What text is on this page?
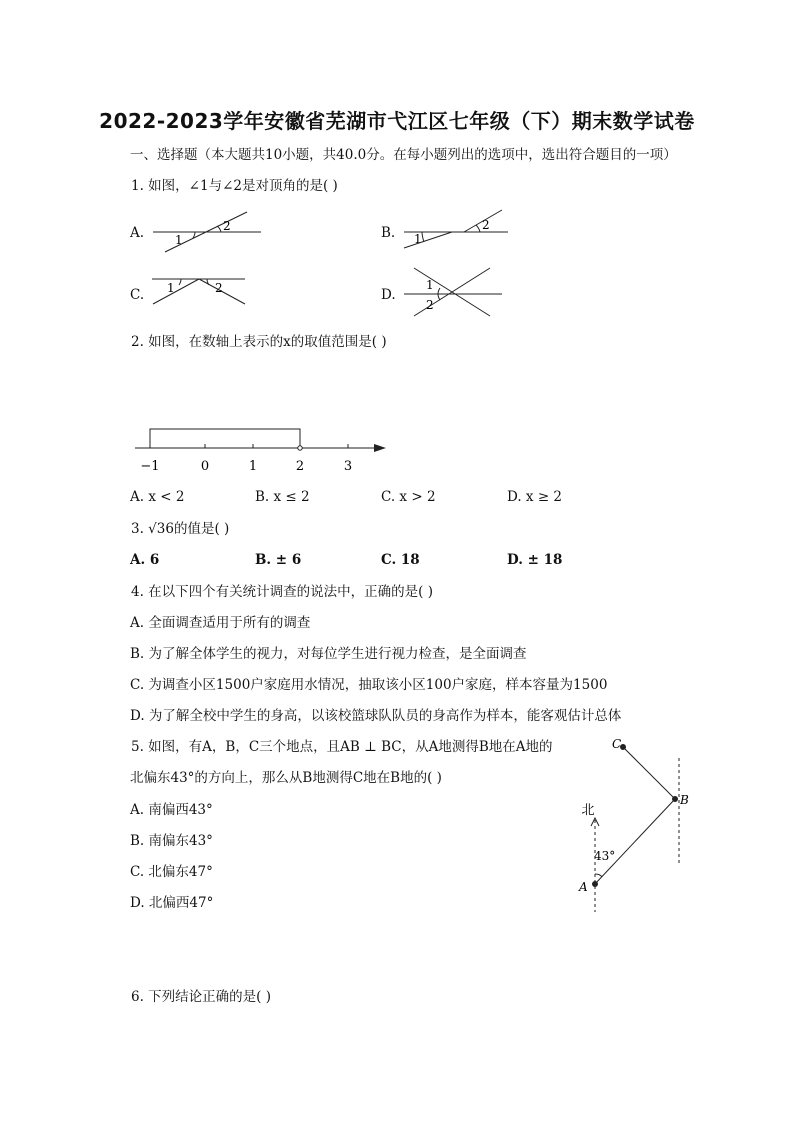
2022-2023学年安徽省芜湖市弋江区七年级（下）期末数学试卷
一、选择题（本大题共10小题，共40.0分。在每小题列出的选项中，选出符合题目的一项）
1. 如图，∠1与∠2是对顶角的是( )
A.	1
2	B. 1
2
C. 1	2	D.
1
2
2. 如图，在数轴上表示的x的取值范围是( )
−1	0	1	2	3
A. x < 2	B. x ≤ 2	C. x > 2	D. x ≥ 2
3. √36的值是( )
A. 6	B. ± 6	C. 18	D. ± 18
4. 在以下四个有关统计调查的说法中，正确的是( )
A. 全面调查适用于所有的调查
B. 为了解全体学生的视力，对每位学生进行视力检查，是全面调查
C. 为调查小区1500户家庭用水情况，抽取该小区100户家庭，样本容量为1500
D. 为了解全校中学生的身高，以该校篮球队队员的身高作为样本，能客观估计总体
5. 如图，有A，B，C三个地点，且AB ⊥ BC，从A地测得B地在A地的
北偏东43°的方向上，那么从B地测得C地在B地的( )
A. 南偏西43°
B. 南偏东43°
C. 北偏东47°
D. 北偏西47°
北
43°
A
B
C
6. 下列结论正确的是( )
